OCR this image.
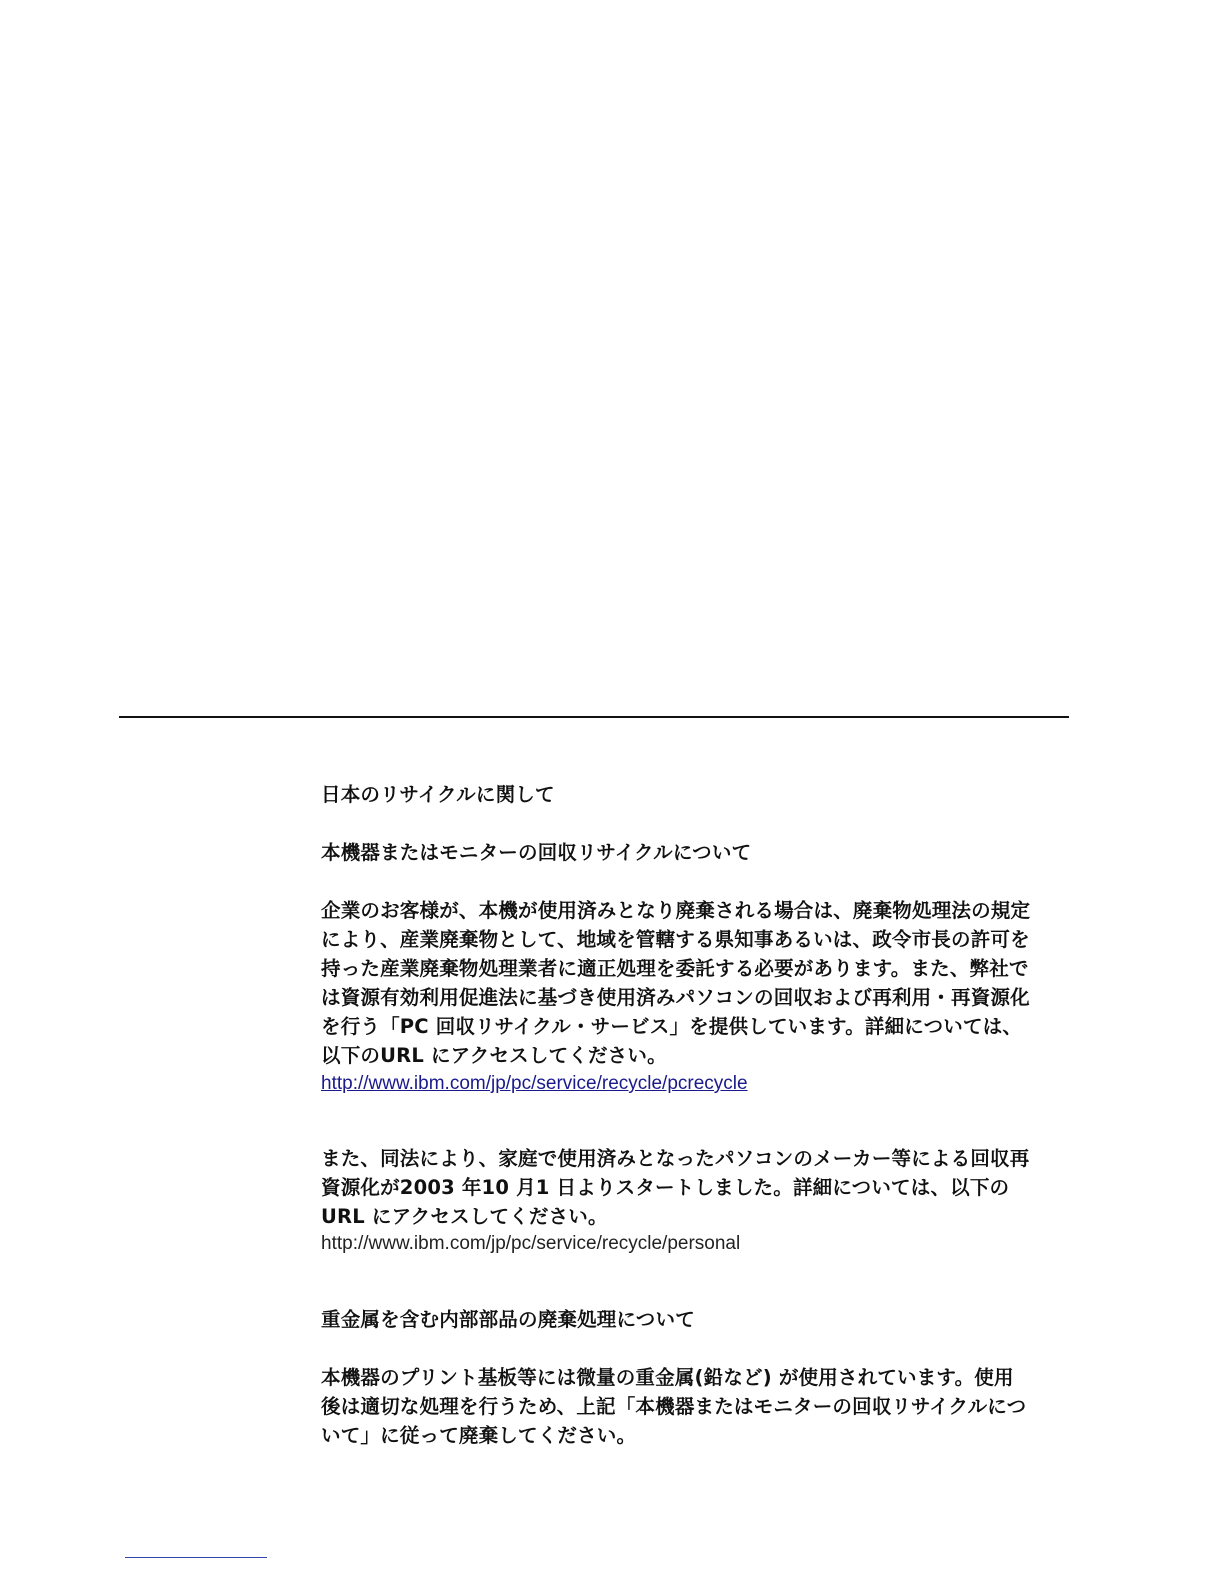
日本のリサイクルに関して
本機器またはモニターの回収リサイクルについて
企業のお客様が、本機が使用済みとなり廃棄される場合は、廃棄物処理法の規定
により、産業廃棄物として、地域を管轄する県知事あるいは、政令市長の許可を
持った産業廃棄物処理業者に適正処理を委託する必要があります。また、弊社で
は資源有効利用促進法に基づき使用済みパソコンの回収および再利用・再資源化
を行う「PC 回収リサイクル・サービス」を提供しています。詳細については、
以下のURL にアクセスしてください。
http://www.ibm.com/jp/pc/service/recycle/pcrecycle
また、同法により、家庭で使用済みとなったパソコンのメーカー等による回収再
資源化が2003 年10 月1 日よりスタートしました。詳細については、以下の
URL にアクセスしてください。
http://www.ibm.com/jp/pc/service/recycle/personal
重金属を含む内部部品の廃棄処理について
本機器のプリント基板等には微量の重金属(鉛など) が使用されています。使用
後は適切な処理を行うため、上記「本機器またはモニターの回収リサイクルにつ
いて」に従って廃棄してください。
